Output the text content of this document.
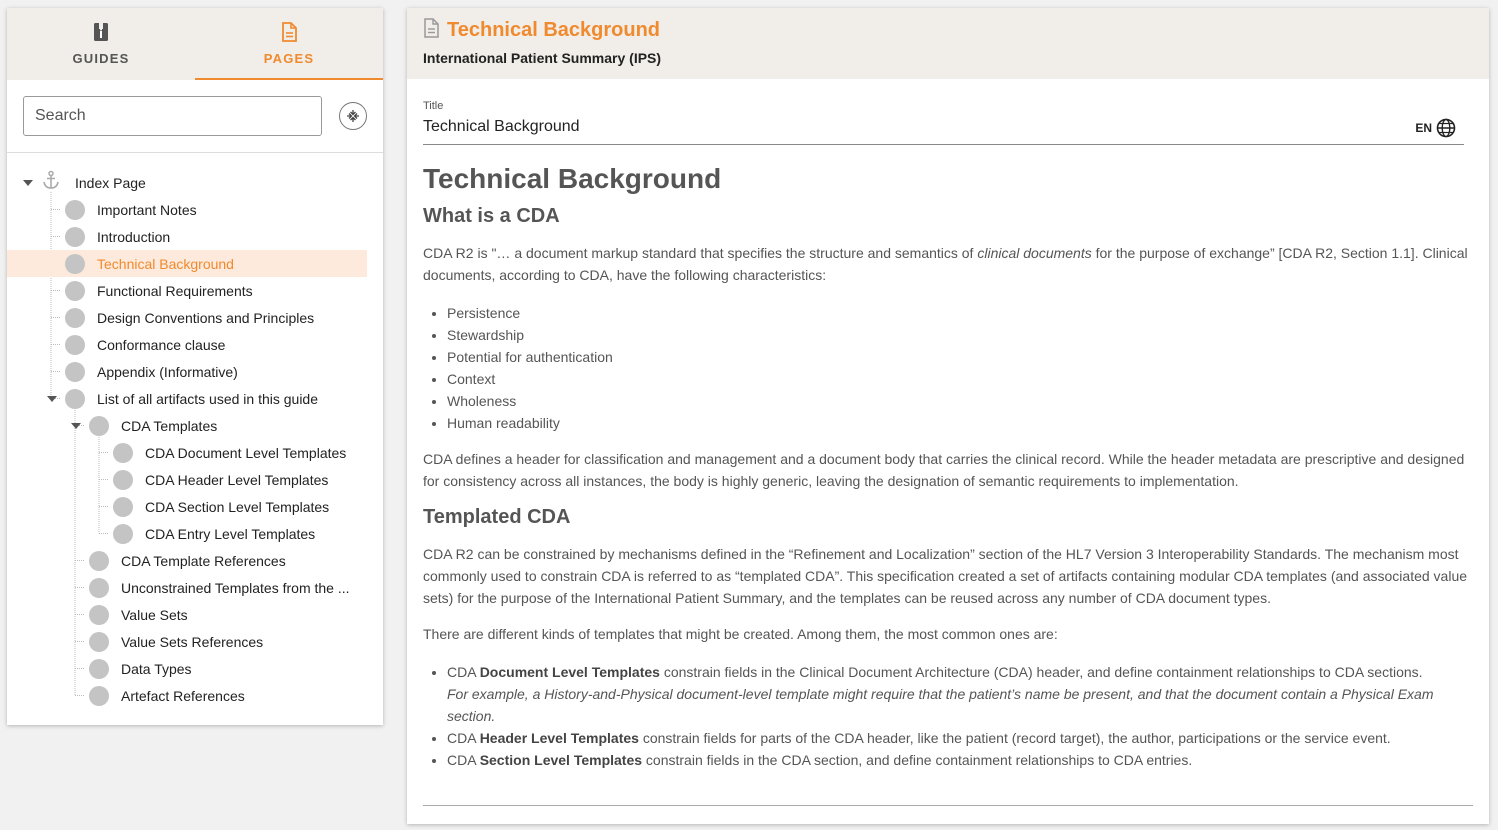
GUIDES	PAGES
Search
Index Page
Important Notes
Introduction
Technical Background
Functional Requirements
Design Conventions and Principles
Conformance clause
Appendix (Informative)
List of all artifacts used in this guide
CDA Templates
CDA Document Level Templates
CDA Header Level Templates
CDA Section Level Templates
CDA Entry Level Templates
CDA Template References
Unconstrained Templates from the ...
Value Sets
Value Sets References
Data Types
Artefact References
Technical Background
International Patient Summary (IPS)
Title
Technical Background	EN
Technical Background
What is a CDA

CDA R2 is "… a document markup standard that specifies the structure and semantics of clinical documents for the purpose of exchange” [CDA R2, Section 1.1]. Clinical documents, according to CDA, have the following characteristics:

• Persistence
• Stewardship
• Potential for authentication
• Context
• Wholeness
• Human readability

CDA defines a header for classification and management and a document body that carries the clinical record. While the header metadata are prescriptive and designed for consistency across all instances, the body is highly generic, leaving the designation of semantic requirements to implementation.

Templated CDA

CDA R2 can be constrained by mechanisms defined in the “Refinement and Localization” section of the HL7 Version 3 Interoperability Standards. The mechanism most commonly used to constrain CDA is referred to as “templated CDA”. This specification created a set of artifacts containing modular CDA templates (and associated value sets) for the purpose of the International Patient Summary, and the templates can be reused across any number of CDA document types.

There are different kinds of templates that might be created. Among them, the most common ones are:

• CDA Document Level Templates constrain fields in the Clinical Document Architecture (CDA) header, and define containment relationships to CDA sections.
For example, a History-and-Physical document-level template might require that the patient’s name be present, and that the document contain a Physical Exam section.
• CDA Header Level Templates constrain fields for parts of the CDA header, like the patient (record target), the author, participations or the service event.
• CDA Section Level Templates constrain fields in the CDA section, and define containment relationships to CDA entries.
